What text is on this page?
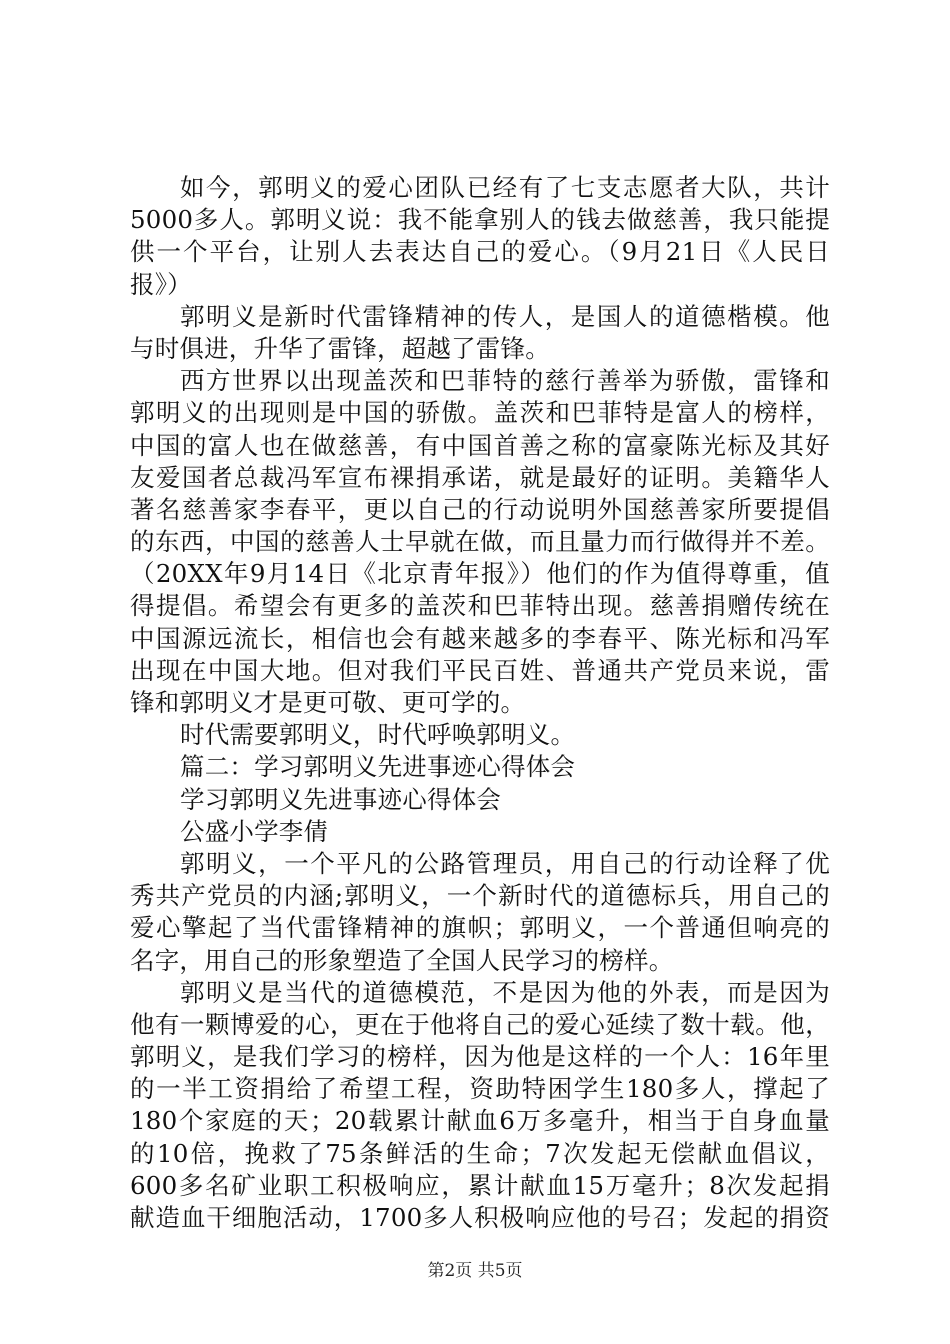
如今，郭明义的爱心团队已经有了七支志愿者大队，共计
5000多人。郭明义说：我不能拿别人的钱去做慈善，我只能提
供一个平台，让别人去表达自己的爱心。（9月21日《人民日
报》）
郭明义是新时代雷锋精神的传人，是国人的道德楷模。他
与时俱进，升华了雷锋，超越了雷锋。
西方世界以出现盖茨和巴菲特的慈行善举为骄傲，雷锋和
郭明义的出现则是中国的骄傲。盖茨和巴菲特是富人的榜样，
中国的富人也在做慈善，有中国首善之称的富豪陈光标及其好
友爱国者总裁冯军宣布裸捐承诺，就是最好的证明。美籍华人
著名慈善家李春平，更以自己的行动说明外国慈善家所要提倡
的东西，中国的慈善人士早就在做，而且量力而行做得并不差。
（20XX年9月14日《北京青年报》）他们的作为值得尊重，值
得提倡。希望会有更多的盖茨和巴菲特出现。慈善捐赠传统在
中国源远流长，相信也会有越来越多的李春平、陈光标和冯军
出现在中国大地。但对我们平民百姓、普通共产党员来说，雷
锋和郭明义才是更可敬、更可学的。
时代需要郭明义，时代呼唤郭明义。
篇二：学习郭明义先进事迹心得体会
学习郭明义先进事迹心得体会
公盛小学李倩
郭明义，一个平凡的公路管理员，用自己的行动诠释了优
秀共产党员的内涵;郭明义，一个新时代的道德标兵，用自己的
爱心擎起了当代雷锋精神的旗帜；郭明义，一个普通但响亮的
名字，用自己的形象塑造了全国人民学习的榜样。
郭明义是当代的道德模范，不是因为他的外表，而是因为
他有一颗博爱的心，更在于他将自己的爱心延续了数十载。他，
郭明义，是我们学习的榜样，因为他是这样的一个人：16年里
的一半工资捐给了希望工程，资助特困学生180多人，撑起了
180个家庭的天；20载累计献血6万多毫升，相当于自身血量
的10倍，挽救了75条鲜活的生命；7次发起无偿献血倡议，
600多名矿业职工积极响应，累计献血15万毫升；8次发起捐
献造血干细胞活动，1700多人积极响应他的号召；发起的捐资
第2页 共5页
